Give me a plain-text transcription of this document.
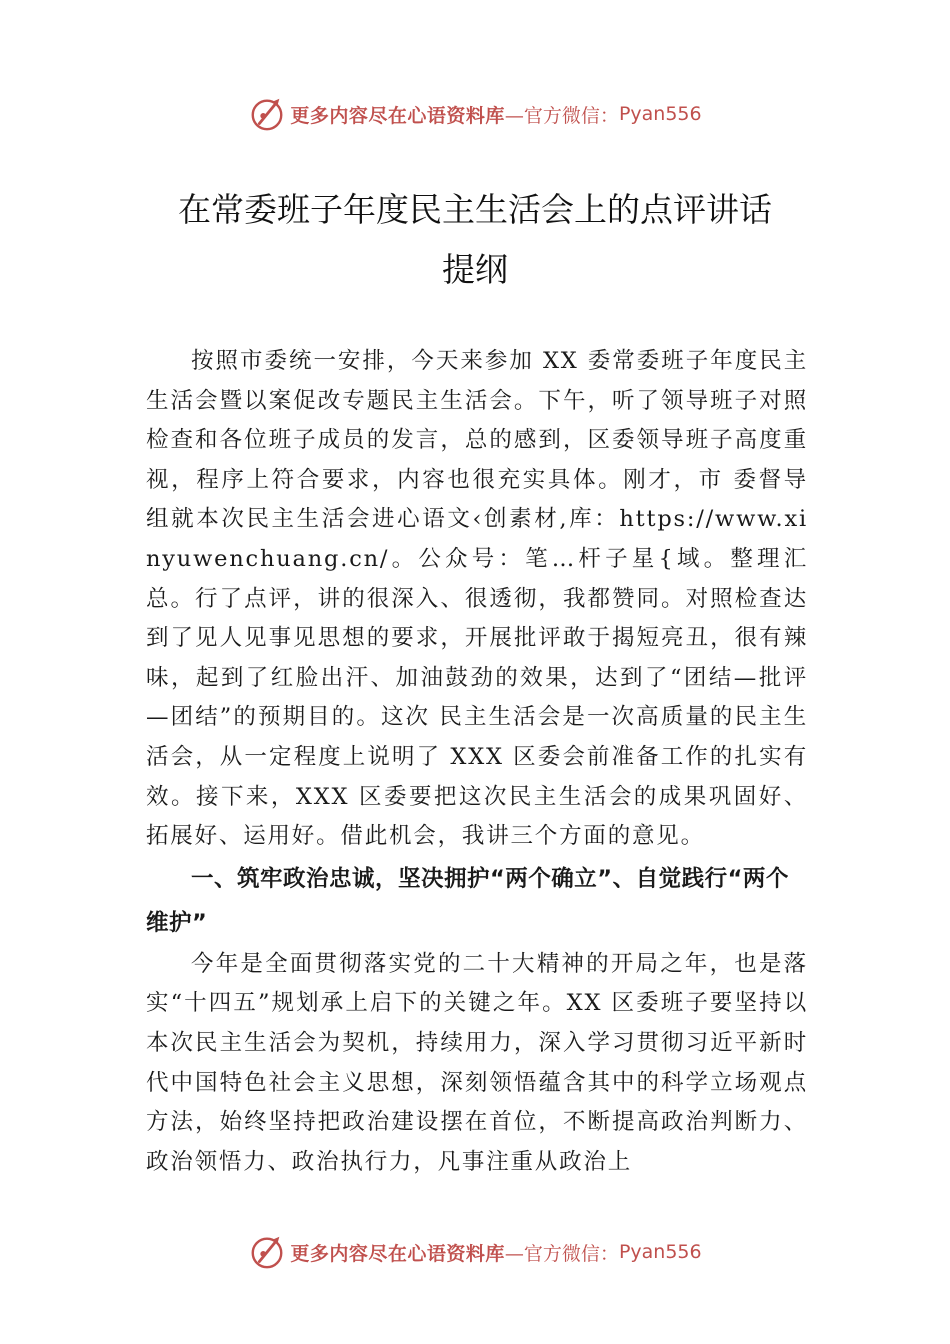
更多内容尽在心语资料库 —官方微信： Pyan556
在常委班子年度民主生活会上的点评讲话
提纲

按照市委统一安排，今天来参加 XX 委常委班子年度民主生活会暨以案促改专题民主生活会。下午，听了领导班子对照检查和各位班子成员的发言，总的感到，区委领导班子高度重视，程序上符合要求，内容也很充实具体。刚才，市 委督导组就本次民主生活会进心语文‹创素材,库：https://www.xinyuwenchuang.cn/。公众号：笔…杆子星{域。整理汇总。行了点评，讲的很深入、很透彻，我都赞同。对照检查达到了见人见事见思想的要求，开展批评敢于揭短亮丑，很有辣味，起到了红脸出汗、加油鼓劲的效果，达到了“团结—批评—团结”的预期目的。这次 民主生活会是一次高质量的民主生活会，从一定程度上说明了 XXX 区委会前准备工作的扎实有效。接下来，XXX 区委要把这次民主生活会的成果巩固好、拓展好、运用好。借此机会，我讲三个方面的意见。

一、筑牢政治忠诚，坚决拥护“两个确立”、自觉践行“两个维护”

今年是全面贯彻落实党的二十大精神的开局之年，也是落实“十四五”规划承上启下的关键之年。XX 区委班子要坚持以本次民主生活会为契机，持续用力，深入学习贯彻习近平新时代中国特色社会主义思想，深刻领悟蕴含其中的科学立场观点方法，始终坚持把政治建设摆在首位，不断提高政治判断力、政治领悟力、政治执行力，凡事注重从政治上

更多内容尽在心语资料库 —官方微信： Pyan556
